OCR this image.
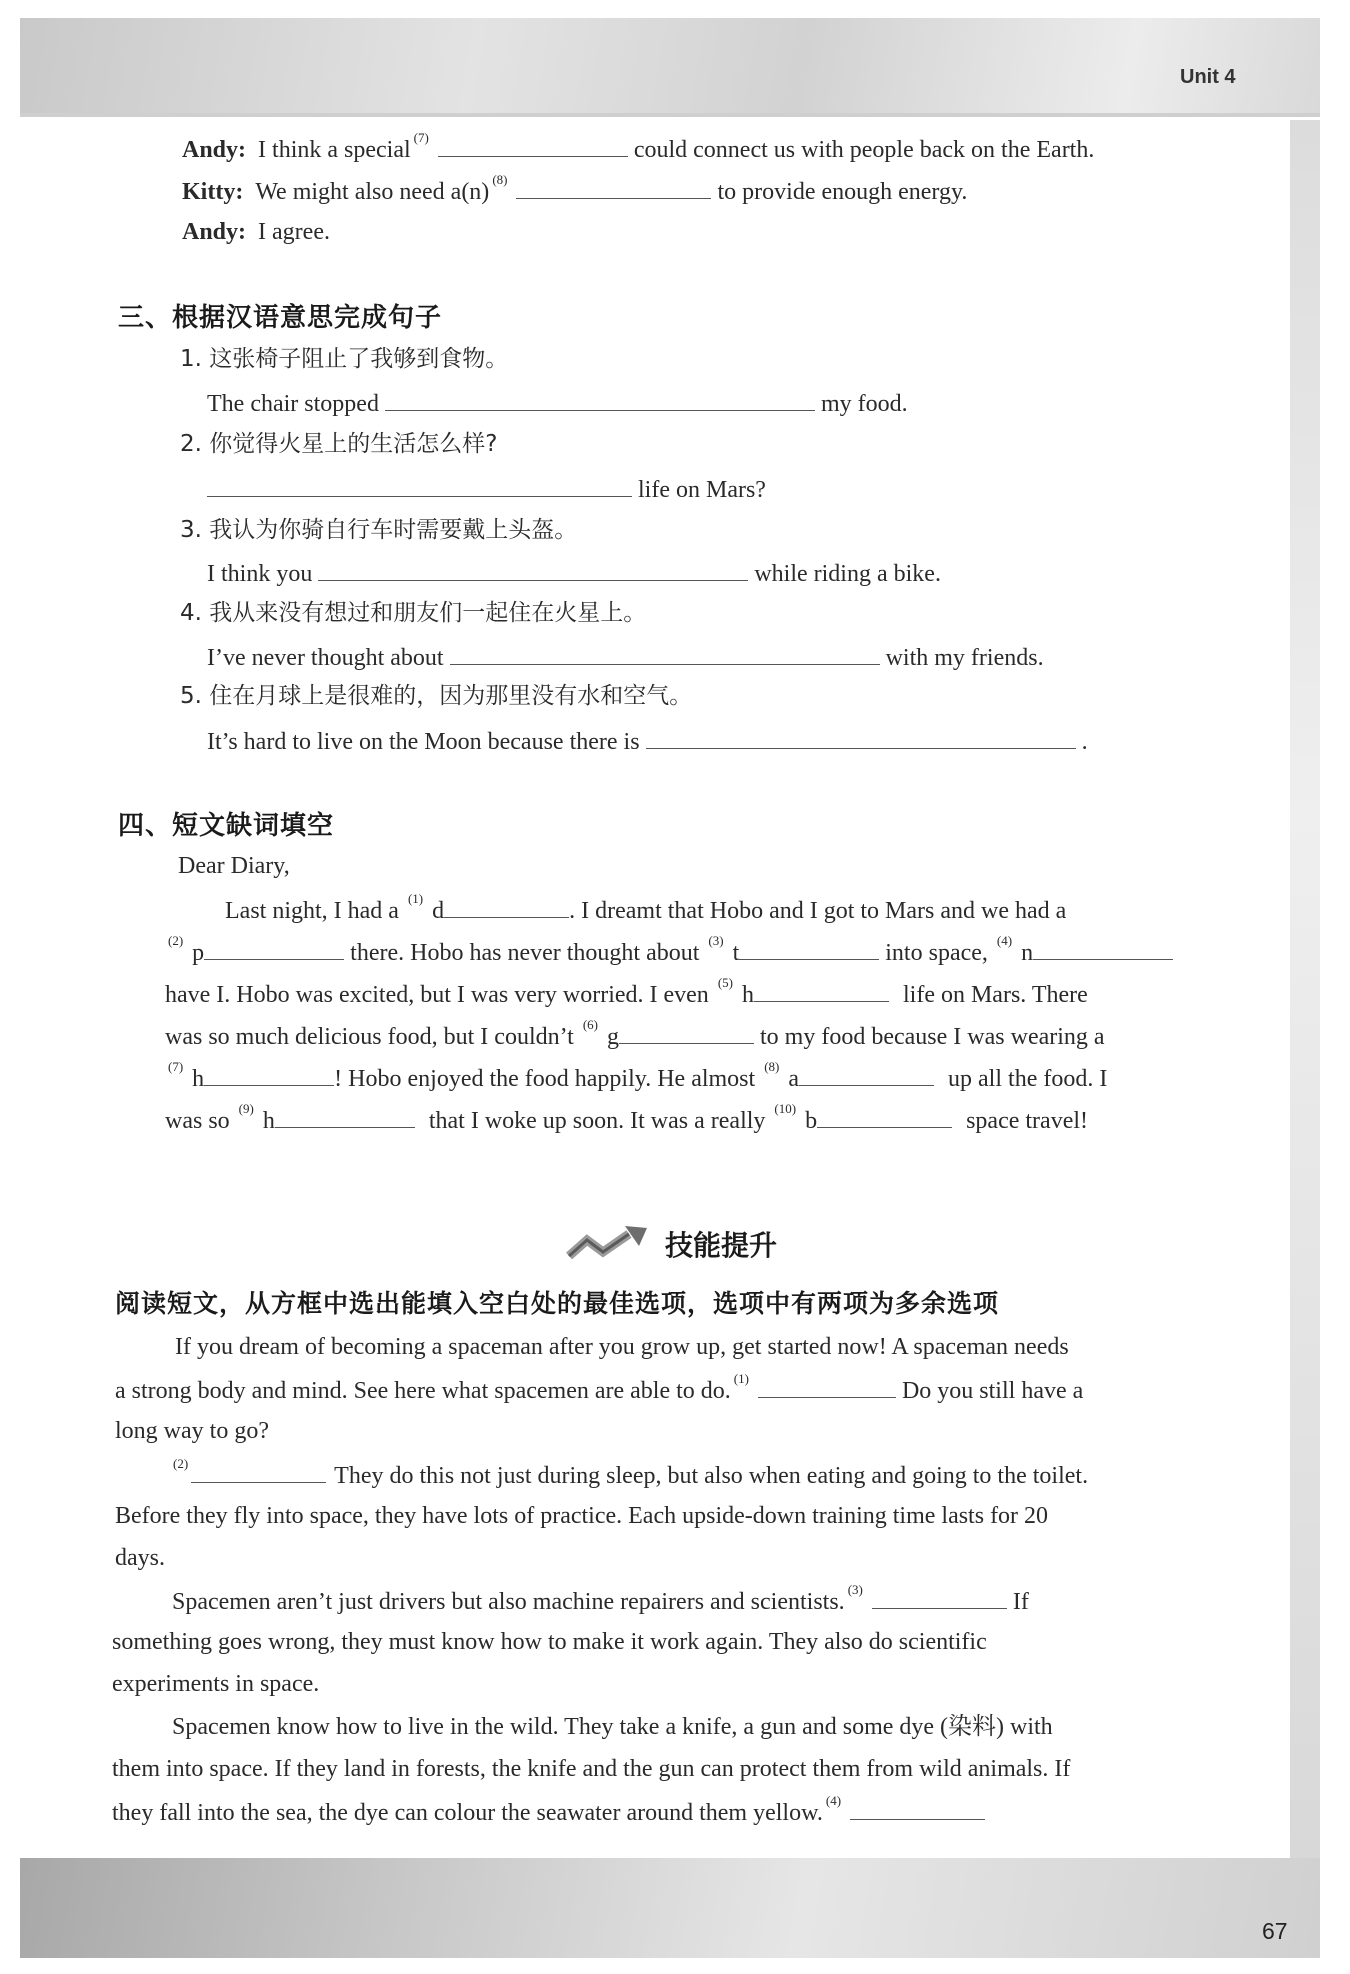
Unit 4
Andy: I think a special $^{(7)}$	could connect us with people back on the Earth.
Kitty: We might also need a(n) $^{(8)}$	to provide enough energy.
Andy: I agree.
三、根据汉语意思完成句子
1. 这张椅子阻止了我够到食物。
The chair stopped	my food.
2. 你觉得火星上的生活怎么样?
life on Mars?
3. 我认为你骑自行车时需要戴上头盔。
I think you	while riding a bike.
4. 我从来没有想过和朋友们一起住在火星上。
I’ve never thought about	with my friends.
5. 住在月球上是很难的，因为那里没有水和空气。
It’s hard to live on the Moon because there is	.
四、短文缺词填空
Dear Diary,
Last night, I had a $^{(1)}$ d	. I dreamt that Hobo and I got to Mars and we had a
$^{(2)}$ p	there. Hobo has never thought about $^{(3)}$ t	into space, $^{(4)}$ n
have I. Hobo was excited, but I was very worried. I even $^{(5)}$ h	life on Mars. There
was so much delicious food, but I couldn’t $^{(6)}$ g	to my food because I was wearing a
$^{(7)}$ h	! Hobo enjoyed the food happily. He almost $^{(8)}$ a	up all the food. I
was so $^{(9)}$ h	that I woke up soon. It was a really $^{(10)}$ b	space travel!
技能提升
阅读短文，从方框中选出能填入空白处的最佳选项，选项中有两项为多余选项
If you dream of becoming a spaceman after you grow up, get started now! A spaceman needs
a strong body and mind. See here what spacemen are able to do. $^{(1)}$	Do you still have a
long way to go?
$^{(2)}$	They do this not just during sleep, but also when eating and going to the toilet.
Before they fly into space, they have lots of practice. Each upside-down training time lasts for 20
days.
Spacemen aren’t just drivers but also machine repairers and scientists. $^{(3)}$	If
something goes wrong, they must know how to make it work again. They also do scientific
experiments in space.
Spacemen know how to live in the wild. They take a knife, a gun and some dye (染料) with
them into space. If they land in forests, the knife and the gun can protect them from wild animals. If
they fall into the sea, the dye can colour the seawater around them yellow. $^{(4)}$
67
